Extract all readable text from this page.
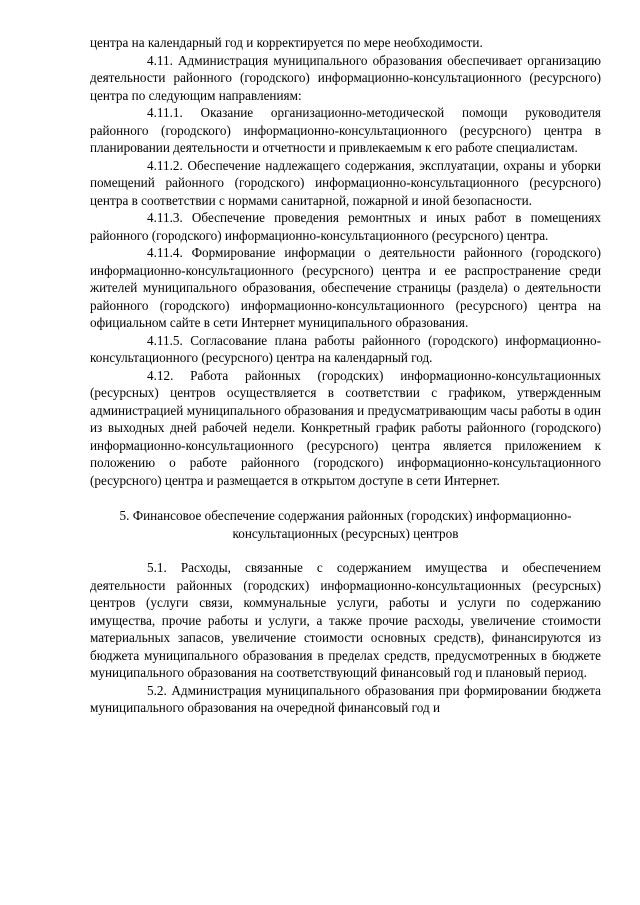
центра на календарный год и корректируется по мере необходимости.

4.11. Администрация муниципального образования обеспечивает организацию деятельности районного (городского) информационно-консультационного (ресурсного) центра по следующим направлениям:

4.11.1. Оказание организационно-методической помощи руководителя районного (городского) информационно-консультационного (ресурсного) центра в планировании деятельности и отчетности и привлекаемым к его работе специалистам.

4.11.2. Обеспечение надлежащего содержания, эксплуатации, охраны и уборки помещений районного (городского) информационно-консультационного (ресурсного) центра в соответствии с нормами санитарной, пожарной и иной безопасности.

4.11.3. Обеспечение проведения ремонтных и иных работ в помещениях районного (городского) информационно-консультационного (ресурсного) центра.

4.11.4. Формирование информации о деятельности районного (городского) информационно-консультационного (ресурсного) центра и ее распространение среди жителей муниципального образования, обеспечение страницы (раздела) о деятельности районного (городского) информационно-консультационного (ресурсного) центра на официальном сайте в сети Интернет муниципального образования.

4.11.5. Согласование плана работы районного (городского) информационно-консультационного (ресурсного) центра на календарный год.

4.12. Работа районных (городских) информационно-консультационных (ресурсных) центров осуществляется в соответствии с графиком, утвержденным администрацией муниципального образования и предусматривающим часы работы в один из выходных дней рабочей недели. Конкретный график работы районного (городского) информационно-консультационного (ресурсного) центра является приложением к положению о работе районного (городского) информационно-консультационного (ресурсного) центра и размещается в открытом доступе в сети Интернет.

5. Финансовое обеспечение содержания районных (городских) информационно-консультационных (ресурсных) центров

5.1. Расходы, связанные с содержанием имущества и обеспечением деятельности районных (городских) информационно-консультационных (ресурсных) центров (услуги связи, коммунальные услуги, работы и услуги по содержанию имущества, прочие работы и услуги, а также прочие расходы, увеличение стоимости материальных запасов, увеличение стоимости основных средств), финансируются из бюджета муниципального образования в пределах средств, предусмотренных в бюджете муниципального образования на соответствующий финансовый год и плановый период.

5.2. Администрация муниципального образования при формировании бюджета муниципального образования на очередной финансовый год и
